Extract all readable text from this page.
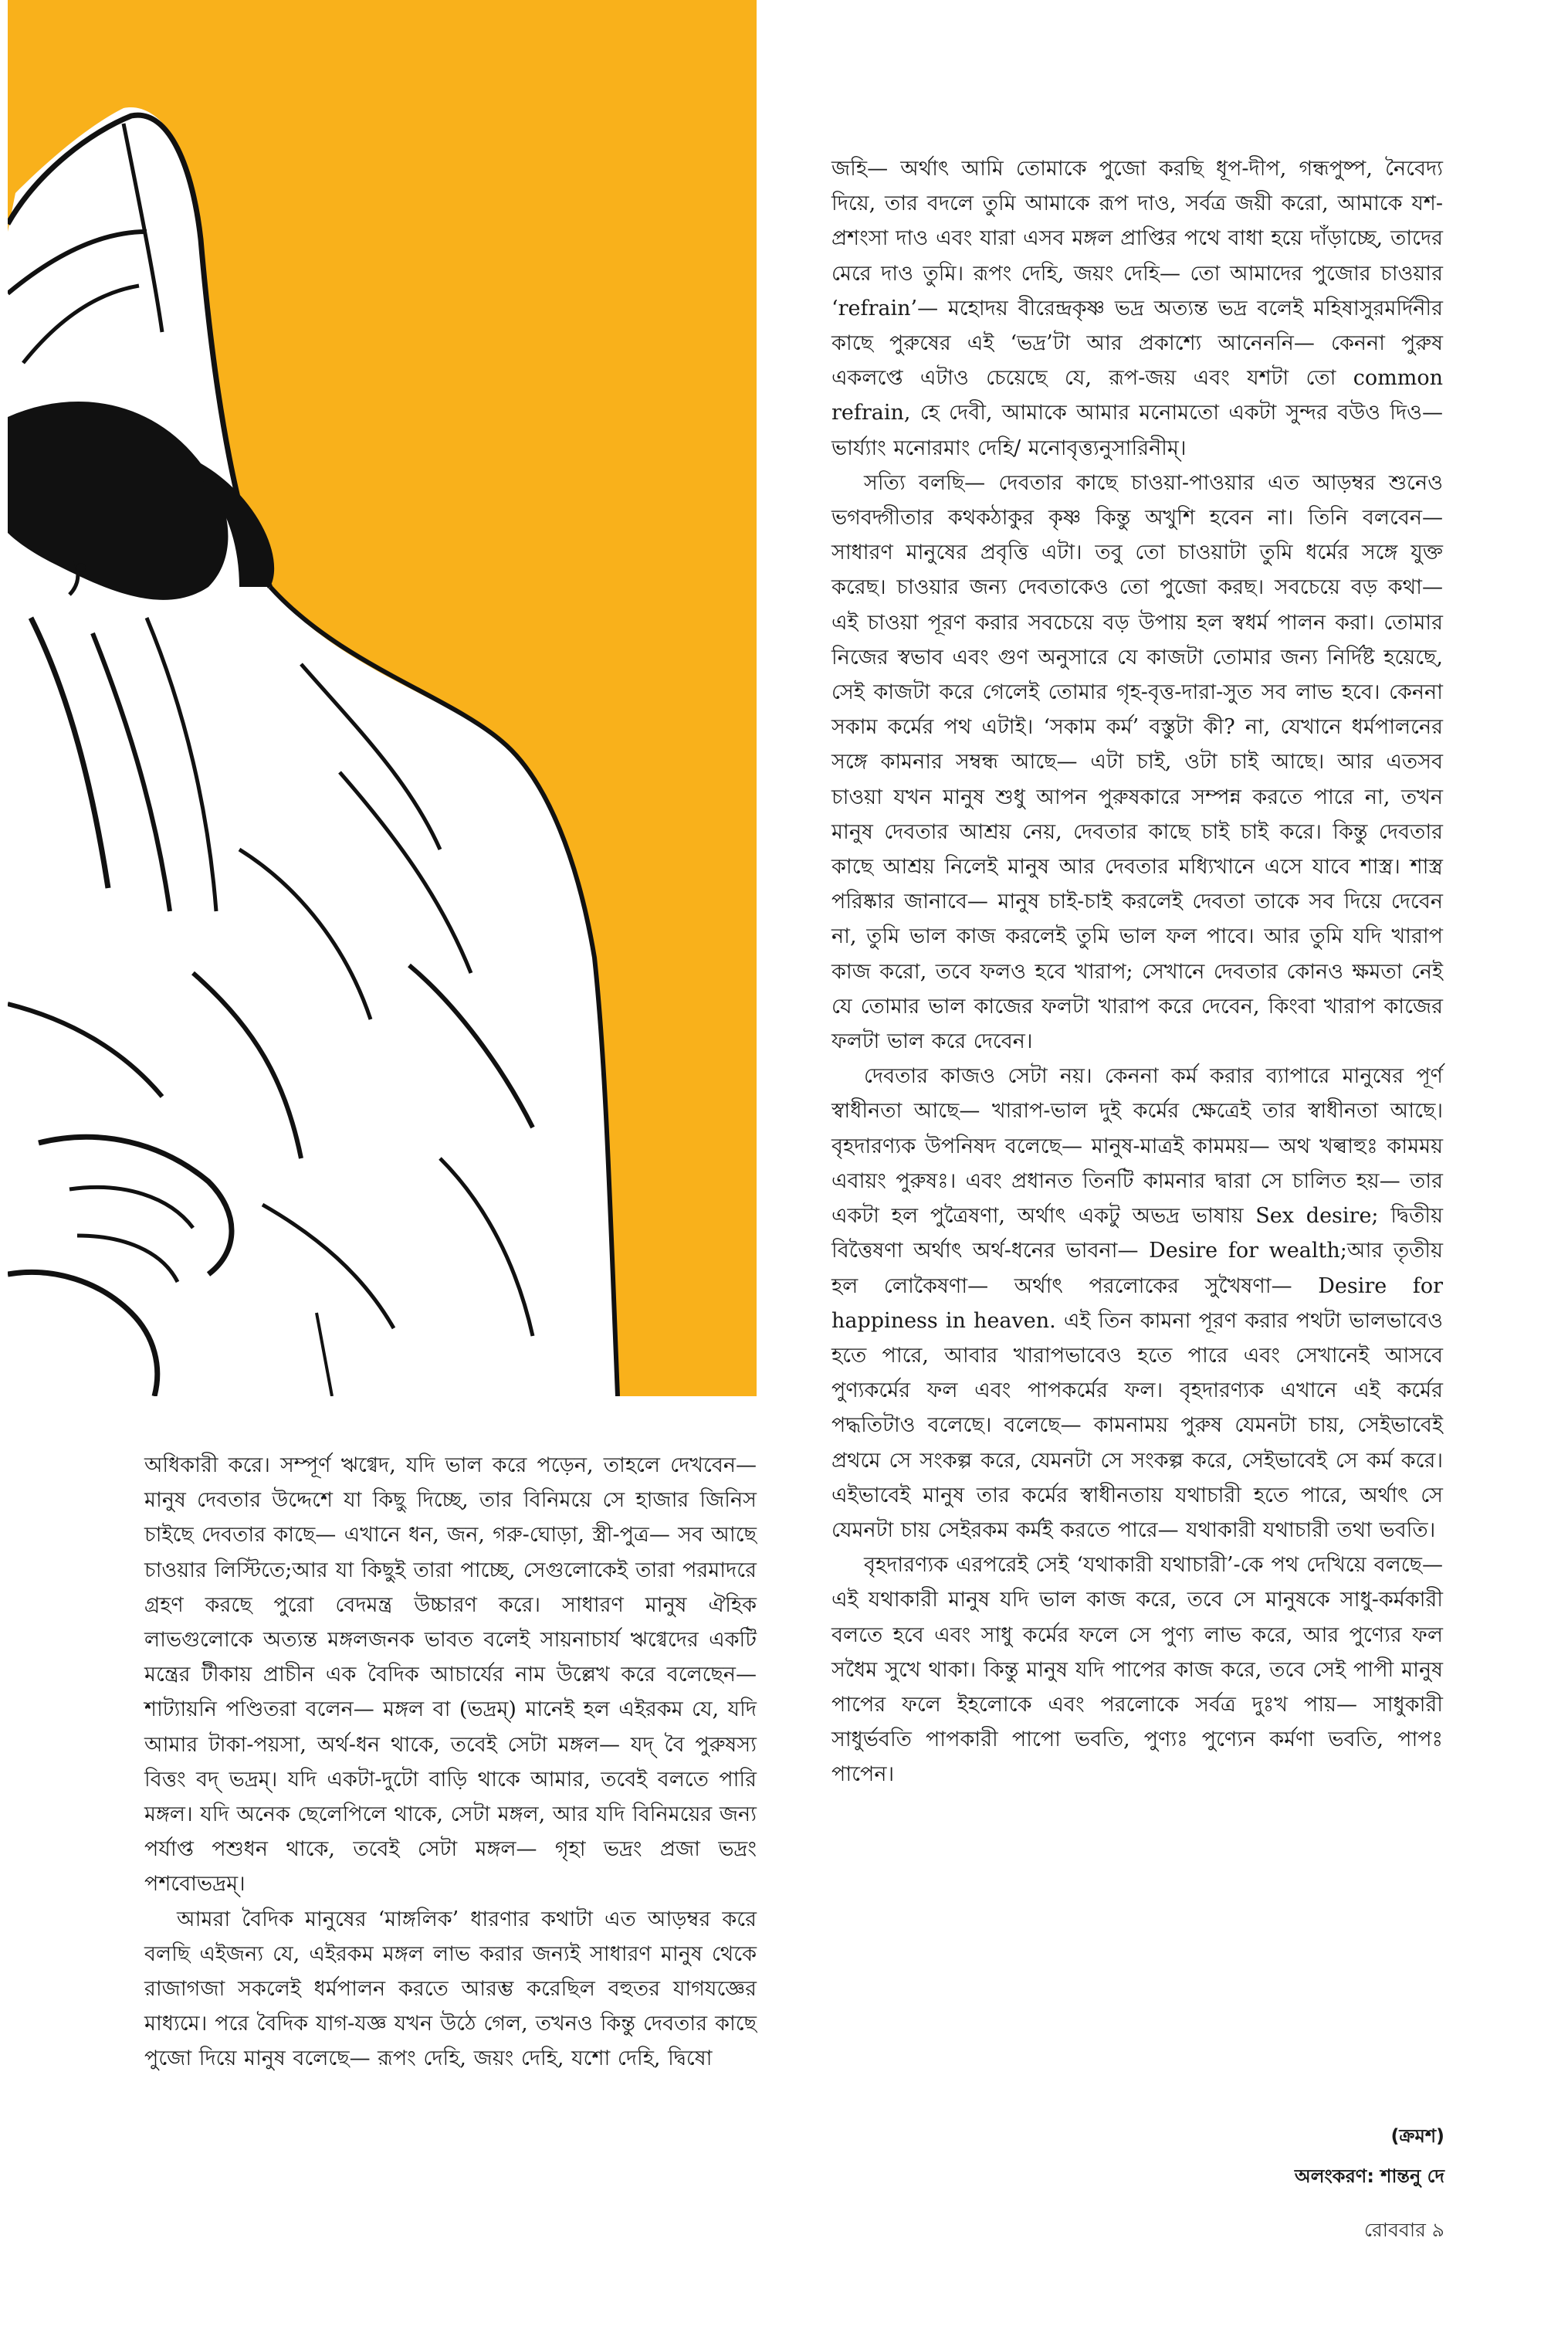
অধিকারী করে। সম্পূর্ণ ঋগ্বেদ, যদি ভাল করে পড়েন, তাহলে দেখবেন— মানুষ দেবতার উদ্দেশে যা কিছু দিচ্ছে, তার বিনিময়ে সে হাজার জিনিস চাইছে দেবতার কাছে— এখানে ধন, জন, গরু-ঘোড়া, স্ত্রী-পুত্র— সব আছে চাওয়ার লিস্টিতে;আর যা কিছুই তারা পাচ্ছে, সেগুলোকেই তারা পরমাদরে গ্রহণ করছে পুরো বেদমন্ত্র উচ্চারণ করে। সাধারণ মানুষ ঐহিক লাভগুলোকে অত্যন্ত মঙ্গলজনক ভাবত বলেই সায়নাচার্য ঋগ্বেদের একটি মন্ত্রের টীকায় প্রাচীন এক বৈদিক আচার্যের নাম উল্লেখ করে বলেছেন— শাট্যায়নি পণ্ডিতরা বলেন— মঙ্গল বা (ভদ্রম্) মানেই হল এইরকম যে, যদি আমার টাকা-পয়সা, অর্থ-ধন থাকে, তবেই সেটা মঙ্গল— যদ্ বৈ পুরুষস্য বিত্তং বদ্ ভদ্রম্। যদি একটা-দুটো বাড়ি থাকে আমার, তবেই বলতে পারি মঙ্গল। যদি অনেক ছেলেপিলে থাকে, সেটা মঙ্গল, আর যদি বিনিময়ের জন্য পর্যাপ্ত পশুধন থাকে, তবেই সেটা মঙ্গল— গৃহা ভদ্রং প্রজা ভদ্রং পশবোভদ্রম্।

আমরা বৈদিক মানুষের ‘মাঙ্গলিক’ ধারণার কথাটা এত আড়ম্বর করে বলছি এইজন্য যে, এইরকম মঙ্গল লাভ করার জন্যই সাধারণ মানুষ থেকে রাজাগজা সকলেই ধর্মপালন করতে আরম্ভ করেছিল বহুতর যাগযজ্ঞের মাধ্যমে। পরে বৈদিক যাগ-যজ্ঞ যখন উঠে গেল, তখনও কিন্তু দেবতার কাছে পুজো দিয়ে মানুষ বলেছে— রূপং দেহি, জয়ং দেহি, যশো দেহি, দ্বিষো

জহি— অর্থাৎ আমি তোমাকে পুজো করছি ধূপ-দীপ, গন্ধপুষ্প, নৈবেদ্য দিয়ে, তার বদলে তুমি আমাকে রূপ দাও, সর্বত্র জয়ী করো, আমাকে যশ-প্রশংসা দাও এবং যারা এসব মঙ্গল প্রাপ্তির পথে বাধা হয়ে দাঁড়াচ্ছে, তাদের মেরে দাও তুমি। রূপং দেহি, জয়ং দেহি— তো আমাদের পুজোর চাওয়ার ‘refrain’— মহোদয় বীরেন্দ্রকৃষ্ণ ভদ্র অত্যন্ত ভদ্র বলেই মহিষাসুরমর্দিনীর কাছে পুরুষের এই ‘ভদ্র’টা আর প্রকাশ্যে আনেননি— কেননা পুরুষ একলপ্তে এটাও চেয়েছে যে, রূপ-জয় এবং যশটা তো common refrain, হে দেবী, আমাকে আমার মনোমতো একটা সুন্দর বউও দিও— ভার্য্যাং মনোরমাং দেহি/ মনোবৃত্ত্যনুসারিনীম্।

সত্যি বলছি— দেবতার কাছে চাওয়া-পাওয়ার এত আড়ম্বর শুনেও ভগবদ্গীতার কথকঠাকুর কৃষ্ণ কিন্তু অখুশি হবেন না। তিনি বলবেন— সাধারণ মানুষের প্রবৃত্তি এটা। তবু তো চাওয়াটা তুমি ধর্মের সঙ্গে যুক্ত করেছ। চাওয়ার জন্য দেবতাকেও তো পুজো করছ। সবচেয়ে বড় কথা— এই চাওয়া পূরণ করার সবচেয়ে বড় উপায় হল স্বধর্ম পালন করা। তোমার নিজের স্বভাব এবং গুণ অনুসারে যে কাজটা তোমার জন্য নির্দিষ্ট হয়েছে, সেই কাজটা করে গেলেই তোমার গৃহ-বৃত্ত-দারা-সুত সব লাভ হবে। কেননা সকাম কর্মের পথ এটাই। ‘সকাম কর্ম’ বস্তুটা কী? না, যেখানে ধর্মপালনের সঙ্গে কামনার সম্বন্ধ আছে— এটা চাই, ওটা চাই আছে। আর এতসব চাওয়া যখন মানুষ শুধু আপন পুরুষকারে সম্পন্ন করতে পারে না, তখন মানুষ দেবতার আশ্রয় নেয়, দেবতার কাছে চাই চাই করে। কিন্তু দেবতার কাছে আশ্রয় নিলেই মানুষ আর দেবতার মধ্যিখানে এসে যাবে শাস্ত্র। শাস্ত্র পরিষ্কার জানাবে— মানুষ চাই-চাই করলেই দেবতা তাকে সব দিয়ে দেবেন না, তুমি ভাল কাজ করলেই তুমি ভাল ফল পাবে। আর তুমি যদি খারাপ কাজ করো, তবে ফলও হবে খারাপ; সেখানে দেবতার কোনও ক্ষমতা নেই যে তোমার ভাল কাজের ফলটা খারাপ করে দেবেন, কিংবা খারাপ কাজের ফলটা ভাল করে দেবেন।

দেবতার কাজও সেটা নয়। কেননা কর্ম করার ব্যাপারে মানুষের পূর্ণ স্বাধীনতা আছে— খারাপ-ভাল দুই কর্মের ক্ষেত্রেই তার স্বাধীনতা আছে। বৃহদারণ্যক উপনিষদ বলেছে— মানুষ-মাত্রই কামময়— অথ খল্বাহুঃ কামময় এবায়ং পুরুষঃ। এবং প্রধানত তিনটি কামনার দ্বারা সে চালিত হয়— তার একটা হল পুত্রৈষণা, অর্থাৎ একটু অভদ্র ভাষায় Sex desire; দ্বিতীয় বিত্তৈষণা অর্থাৎ অর্থ-ধনের ভাবনা— Desire for wealth;আর তৃতীয় হল লোকৈষণা— অর্থাৎ পরলোকের সুখৈষণা— Desire for happiness in heaven. এই তিন কামনা পূরণ করার পথটা ভালভাবেও হতে পারে, আবার খারাপভাবেও হতে পারে এবং সেখানেই আসবে পুণ্যকর্মের ফল এবং পাপকর্মের ফল। বৃহদারণ্যক এখানে এই কর্মের পদ্ধতিটাও বলেছে। বলেছে— কামনাময় পুরুষ যেমনটা চায়, সেইভাবেই প্রথমে সে সংকল্প করে, যেমনটা সে সংকল্প করে, সেইভাবেই সে কর্ম করে। এইভাবেই মানুষ তার কর্মের স্বাধীনতায় যথাচারী হতে পারে, অর্থাৎ সে যেমনটা চায় সেইরকম কর্মই করতে পারে— যথাকারী যথাচারী তথা ভবতি।

বৃহদারণ্যক এরপরেই সেই ‘যথাকারী যথাচারী’-কে পথ দেখিয়ে বলছে— এই যথাকারী মানুষ যদি ভাল কাজ করে, তবে সে মানুষকে সাধু-কর্মকারী বলতে হবে এবং সাধু কর্মের ফলে সে পুণ্য লাভ করে, আর পুণ্যের ফল সধৈম সুখে থাকা। কিন্তু মানুষ যদি পাপের কাজ করে, তবে সেই পাপী মানুষ পাপের ফলে ইহলোকে এবং পরলোকে সর্বত্র দুঃখ পায়— সাধুকারী সাধুর্ভবতি পাপকারী পাপো ভবতি, পুণ্যঃ পুণ্যেন কর্মণা ভবতি, পাপঃ পাপেন।

(ক্রমশ)
অলংকরণ: শান্তনু দে
রোববার ৯
